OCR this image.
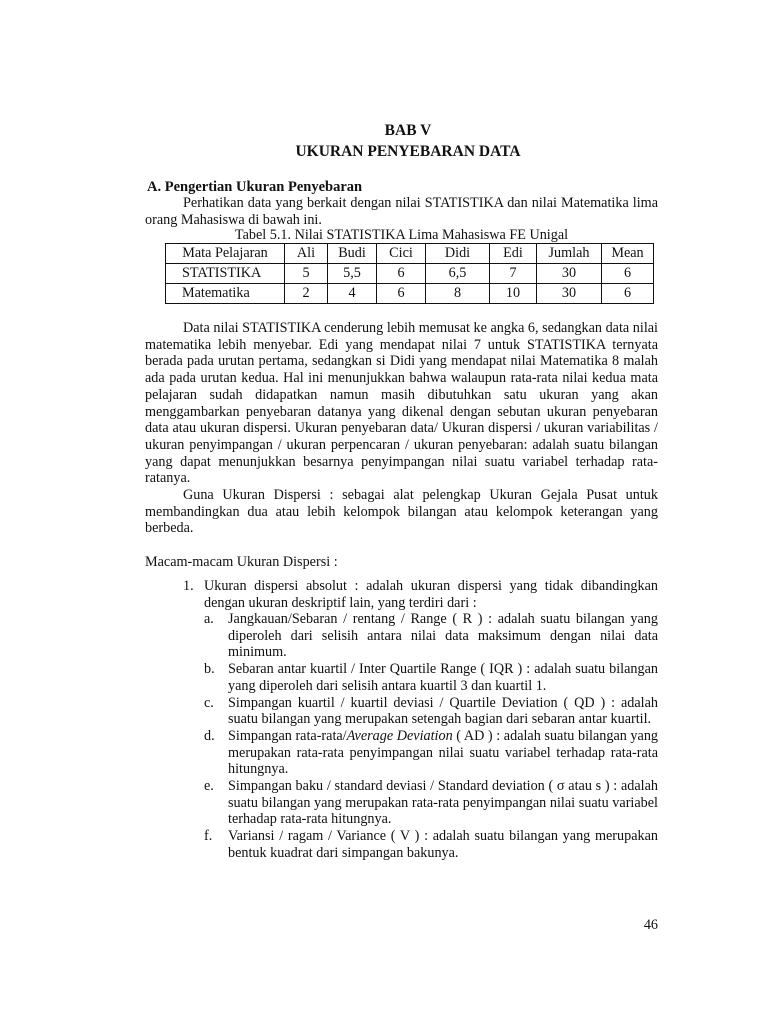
BAB V
UKURAN PENYEBARAN DATA
A. Pengertian Ukuran Penyebaran

Perhatikan data yang berkait dengan nilai STATISTIKA dan nilai Matematika lima orang Mahasiswa di bawah ini.

Tabel 5.1. Nilai STATISTIKA Lima Mahasiswa FE Unigal
Mata Pelajaran	Ali	Budi	Cici	Didi	Edi	Jumlah	Mean
STATISTIKA	5	5,5	6	6,5	7	30	6
Matematika	2	4	6	8	10	30	6

Data nilai STATISTIKA cenderung lebih memusat ke angka 6, sedangkan data nilai matematika lebih menyebar. Edi yang mendapat nilai 7 untuk STATISTIKA ternyata berada pada urutan pertama, sedangkan si Didi yang mendapat nilai Matematika 8 malah ada pada urutan kedua. Hal ini menunjukkan bahwa walaupun rata-rata nilai kedua mata pelajaran sudah didapatkan namun masih dibutuhkan satu ukuran yang akan menggambarkan penyebaran datanya yang dikenal dengan sebutan ukuran penyebaran data atau ukuran dispersi. Ukuran penyebaran data/ Ukuran dispersi / ukuran variabilitas / ukuran penyimpangan / ukuran perpencaran / ukuran penyebaran: adalah suatu bilangan yang dapat menunjukkan besarnya penyimpangan nilai suatu variabel terhadap rata-ratanya.

Guna Ukuran Dispersi : sebagai alat pelengkap Ukuran Gejala Pusat untuk membandingkan dua atau lebih kelompok bilangan atau kelompok keterangan yang berbeda.

Macam-macam Ukuran Dispersi :
1. Ukuran dispersi absolut : adalah ukuran dispersi yang tidak dibandingkan dengan ukuran deskriptif lain, yang terdiri dari :
a. Jangkauan/Sebaran / rentang / Range ( R ) : adalah suatu bilangan yang diperoleh dari selisih antara nilai data maksimum dengan nilai data minimum.
b. Sebaran antar kuartil / Inter Quartile Range ( IQR ) : adalah suatu bilangan yang diperoleh dari selisih antara kuartil 3 dan kuartil 1.
c. Simpangan kuartil / kuartil deviasi / Quartile Deviation ( QD ) : adalah suatu bilangan yang merupakan setengah bagian dari sebaran antar kuartil.
d. Simpangan rata-rata/Average Deviation ( AD ) : adalah suatu bilangan yang merupakan rata-rata penyimpangan nilai suatu variabel terhadap rata-rata hitungnya.
e. Simpangan baku / standard deviasi / Standard deviation ( σ atau s ) : adalah suatu bilangan yang merupakan rata-rata penyimpangan nilai suatu variabel terhadap rata-rata hitungnya.
f. Variansi / ragam / Variance ( V ) : adalah suatu bilangan yang merupakan bentuk kuadrat dari simpangan bakunya.
46
